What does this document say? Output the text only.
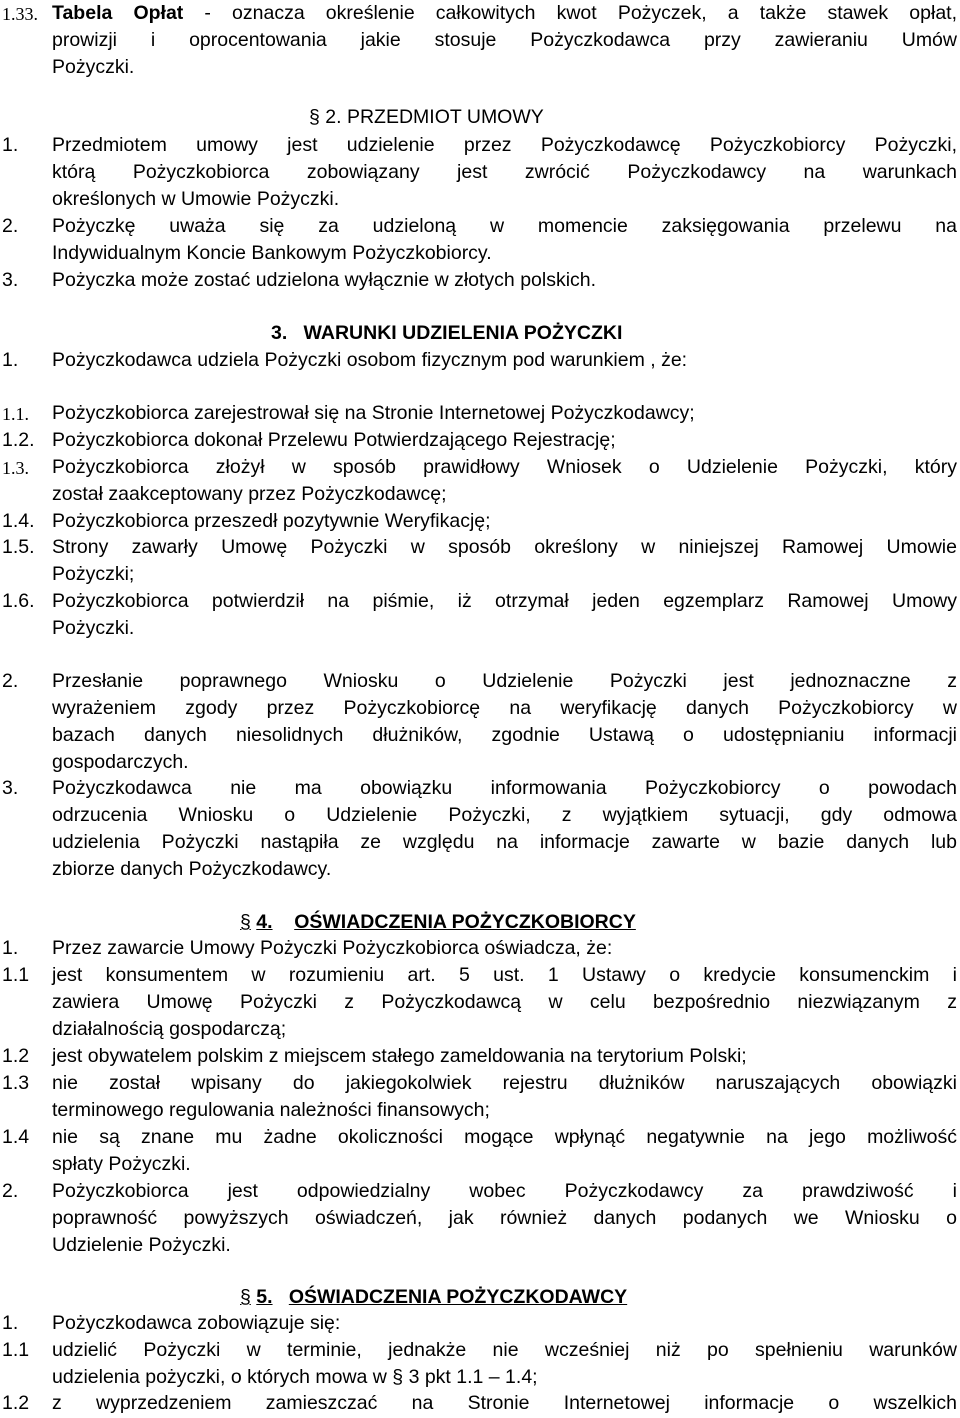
1.33. Tabela Opłat - oznacza określenie całkowitych kwot Pożyczek, a także stawek opłat,
prowizji i oprocentowania jakie stosuje Pożyczkodawca przy zawieraniu Umów
Pożyczki.
§ 2. PRZEDMIOT UMOWY
1. Przedmiotem umowy jest udzielenie przez Pożyczkodawcę Pożyczkobiorcy Pożyczki,
którą Pożyczkobiorca zobowiązany jest zwrócić Pożyczkodawcy na warunkach
określonych w Umowie Pożyczki.
2. Pożyczkę uważa się za udzieloną w momencie zaksięgowania przelewu na
Indywidualnym Koncie Bankowym Pożyczkobiorcy.
3. Pożyczka może zostać udzielona wyłącznie w złotych polskich.
3. WARUNKI UDZIELENIA POŻYCZKI
1. Pożyczkodawca udziela Pożyczki osobom fizycznym pod warunkiem , że:
1.1. Pożyczkobiorca zarejestrował się na Stronie Internetowej Pożyczkodawcy;
1.2. Pożyczkobiorca dokonał Przelewu Potwierdzającego Rejestrację;
1.3. Pożyczkobiorca złożył w sposób prawidłowy Wniosek o Udzielenie Pożyczki, który
został zaakceptowany przez Pożyczkodawcę;
1.4. Pożyczkobiorca przeszedł pozytywnie Weryfikację;
1.5. Strony zawarły Umowę Pożyczki w sposób określony w niniejszej Ramowej Umowie
Pożyczki;
1.6. Pożyczkobiorca potwierdził na piśmie, iż otrzymał jeden egzemplarz Ramowej Umowy
Pożyczki.
2. Przesłanie poprawnego Wniosku o Udzielenie Pożyczki jest jednoznaczne z
wyrażeniem zgody przez Pożyczkobiorcę na weryfikację danych Pożyczkobiorcy w
bazach danych niesolidnych dłużników, zgodnie Ustawą o udostępnianiu informacji
gospodarczych.
3. Pożyczkodawca nie ma obowiązku informowania Pożyczkobiorcy o powodach
odrzucenia Wniosku o Udzielenie Pożyczki, z wyjątkiem sytuacji, gdy odmowa
udzielenia Pożyczki nastąpiła ze względu na informacje zawarte w bazie danych lub
zbiorze danych Pożyczkodawcy.
§ 4. OŚWIADCZENIA POŻYCZKOBIORCY
1. Przez zawarcie Umowy Pożyczki Pożyczkobiorca oświadcza, że:
1.1 jest konsumentem w rozumieniu art. 5 ust. 1 Ustawy o kredycie konsumenckim i
zawiera Umowę Pożyczki z Pożyczkodawcą w celu bezpośrednio niezwiązanym z
działalnością gospodarczą;
1.2 jest obywatelem polskim z miejscem stałego zameldowania na terytorium Polski;
1.3 nie został wpisany do jakiegokolwiek rejestru dłużników naruszających obowiązki
terminowego regulowania należności finansowych;
1.4 nie są znane mu żadne okoliczności mogące wpłynąć negatywnie na jego możliwość
spłaty Pożyczki.
2. Pożyczkobiorca jest odpowiedzialny wobec Pożyczkodawcy za prawdziwość i
poprawność powyższych oświadczeń, jak również danych podanych we Wniosku o
Udzielenie Pożyczki.
§ 5. OŚWIADCZENIA POŻYCZKODAWCY
1. Pożyczkodawca zobowiązuje się:
1.1 udzielić Pożyczki w terminie, jednakże nie wcześniej niż po spełnieniu warunków
udzielenia pożyczki, o których mowa w § 3 pkt 1.1 – 1.4;
1.2 z wyprzedzeniem zamieszczać na Stronie Internetowej informacje o wszelkich
